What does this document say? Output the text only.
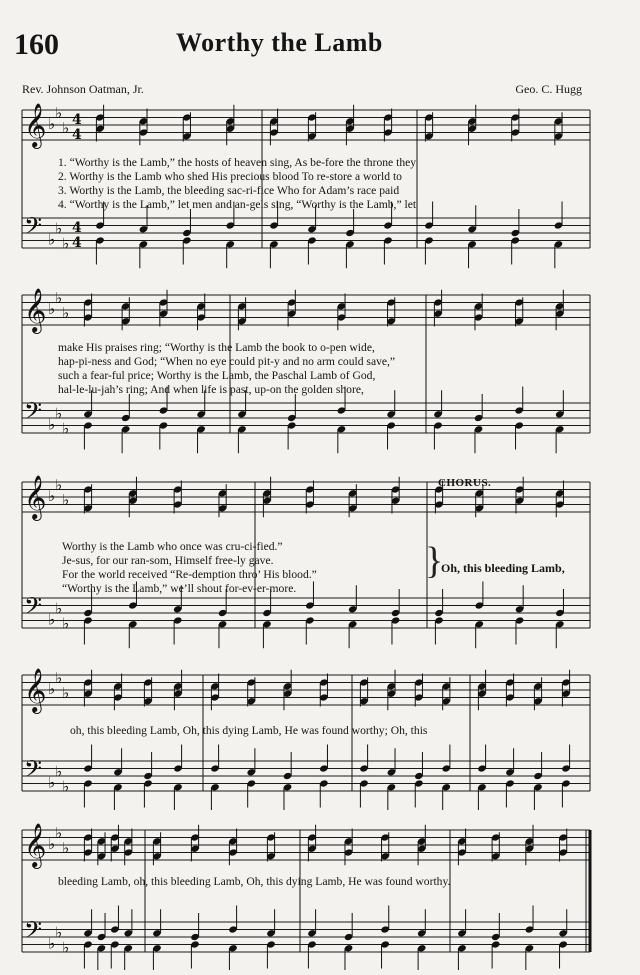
160	Worthy the Lamb
Rev. Johnson Oatman, Jr.	Geo. C. Hugg
𝄞 ♭
♭
♭ 4
4
𝄢 ♭
♭
♭
4
4
1. “Worthy is the Lamb,” the hosts of heaven sing, As be-fore the throne they
2. Worthy is the Lamb who shed His precious blood To re-store a world to
3. Worthy is the Lamb, the bleeding sac-ri-fice Who for Adam’s race paid
4. “Worthy is the Lamb,” let men and an-gels sing, “Worthy is the Lamb,” let
𝄞 ♭
♭
♭
𝄢 ♭
♭
♭
make His praises ring; “Worthy is the Lamb the book to o-pen wide,
hap-pi-ness and God; “When no eye could pit-y and no arm could save,”
such a fear-ful price; Worthy is the Lamb, the Paschal Lamb of God,
hal-le-lu-jah’s ring; And when life is past, up-on the golden shore,
𝄞 ♭
♭
♭
𝄢 ♭
♭
♭
CHORUS.
Worthy is the Lamb who once was cru-ci-fied.”
Je-sus, for our ran-som, Himself free-ly gave.
For the world received “Re-demption thro’ His blood.”
“Worthy is the Lamb,” we’ll shout for-ev-er-more.
}
Oh, this bleeding Lamb,
𝄞 ♭
♭
♭
𝄢 ♭
♭
♭
oh, this bleeding Lamb, Oh, this dying Lamb, He was found worthy; Oh, this
𝄞 ♭
♭
♭
𝄢 ♭
♭
♭
bleeding Lamb, oh, this bleeding Lamb, Oh, this dying Lamb, He was found worthy.
